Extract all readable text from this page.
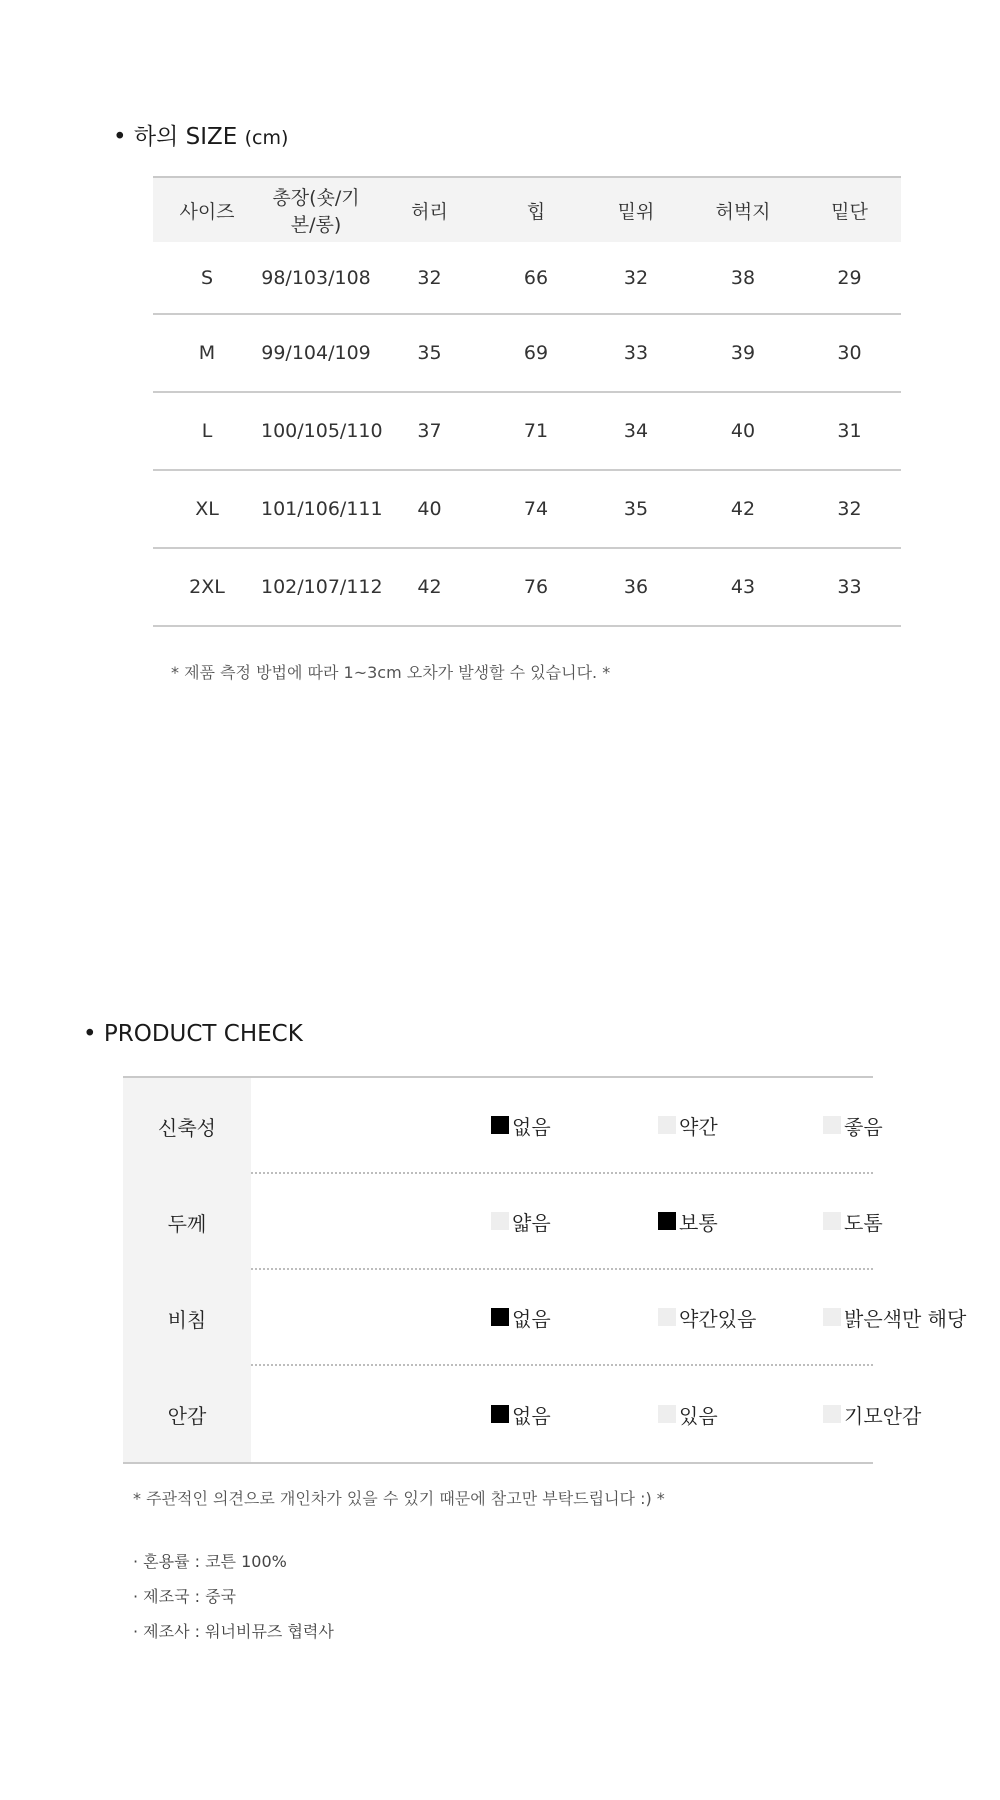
• 하의 SIZE (cm)
사이즈	총장(숏/기본/롱)	허리	힙	밑위	허벅지	밑단
S	98/103/108	32	66	32	38	29
M	99/104/109	35	69	33	39	30
L	100/105/110	37	71	34	40	31
XL	101/106/111	40	74	35	42	32
2XL	102/107/112	42	76	36	43	33
* 제품 측정 방법에 따라 1~3cm 오차가 발생할 수 있습니다. *
• PRODUCT CHECK
신축성	없음	약간	좋음
두께	얇음	보통	도톰
비침	없음	약간있음	밝은색만 해당
안감	없음	있음	기모안감
* 주관적인 의견으로 개인차가 있을 수 있기 때문에 참고만 부탁드립니다 :) *
· 혼용률 : 코튼 100%
· 제조국 : 중국
· 제조사 : 워너비뮤즈 협력사
